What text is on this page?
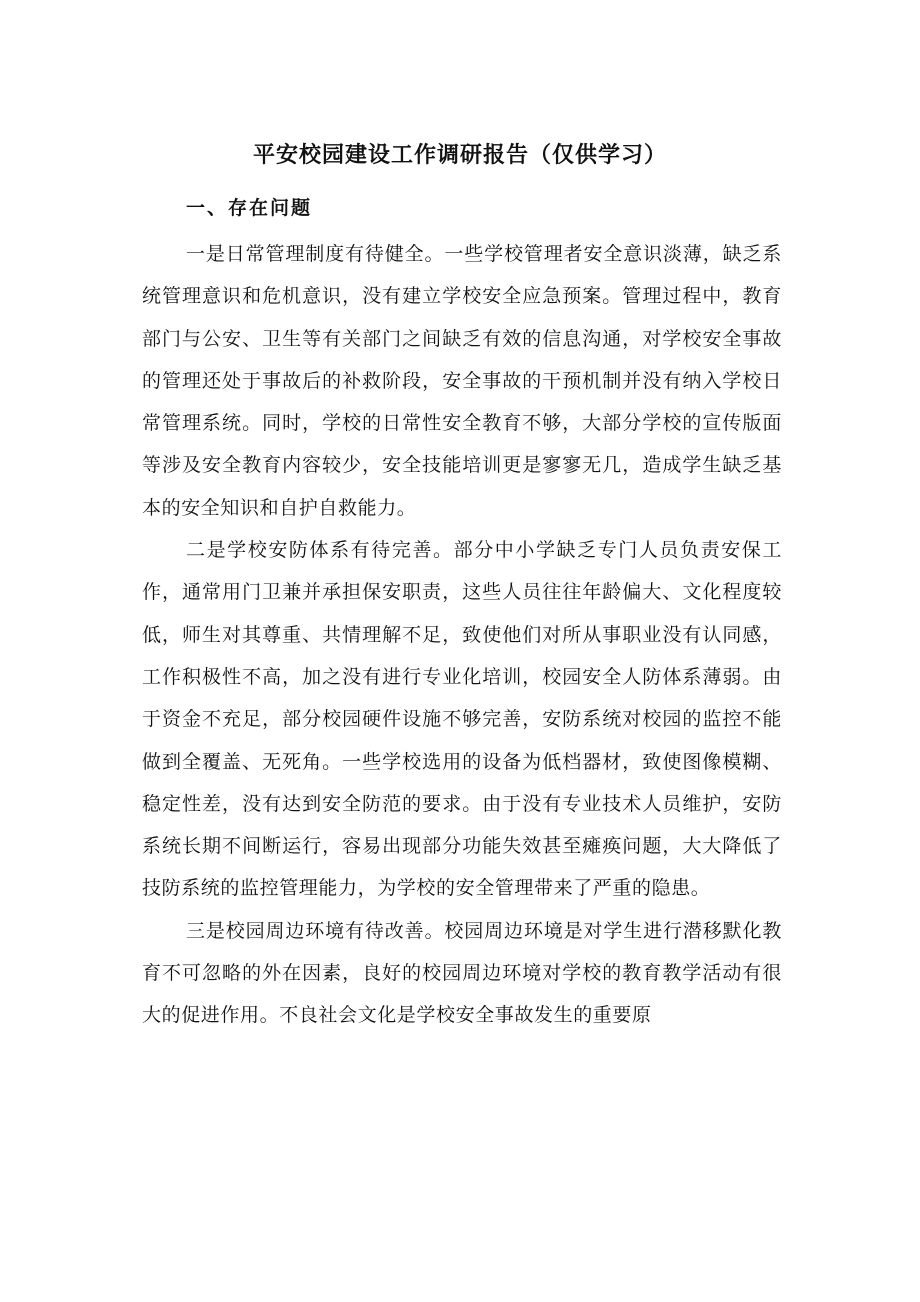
平安校园建设工作调研报告（仅供学习）
一、存在问题

一是日常管理制度有待健全。一些学校管理者安全意识淡薄，缺乏系统管理意识和危机意识，没有建立学校安全应急预案。管理过程中，教育部门与公安、卫生等有关部门之间缺乏有效的信息沟通，对学校安全事故的管理还处于事故后的补救阶段，安全事故的干预机制并没有纳入学校日常管理系统。同时，学校的日常性安全教育不够，大部分学校的宣传版面等涉及安全教育内容较少，安全技能培训更是寥寥无几，造成学生缺乏基本的安全知识和自护自救能力。

二是学校安防体系有待完善。部分中小学缺乏专门人员负责安保工作，通常用门卫兼并承担保安职责，这些人员往往年龄偏大、文化程度较低，师生对其尊重、共情理解不足，致使他们对所从事职业没有认同感，工作积极性不高，加之没有进行专业化培训，校园安全人防体系薄弱。由于资金不充足，部分校园硬件设施不够完善，安防系统对校园的监控不能做到全覆盖、无死角。一些学校选用的设备为低档器材，致使图像模糊、稳定性差，没有达到安全防范的要求。由于没有专业技术人员维护，安防系统长期不间断运行，容易出现部分功能失效甚至瘫痪问题，大大降低了技防系统的监控管理能力，为学校的安全管理带来了严重的隐患。

三是校园周边环境有待改善。校园周边环境是对学生进行潜移默化教育不可忽略的外在因素，良好的校园周边环境对学校的教育教学活动有很大的促进作用。不良社会文化是学校安全事故发生的重要原
